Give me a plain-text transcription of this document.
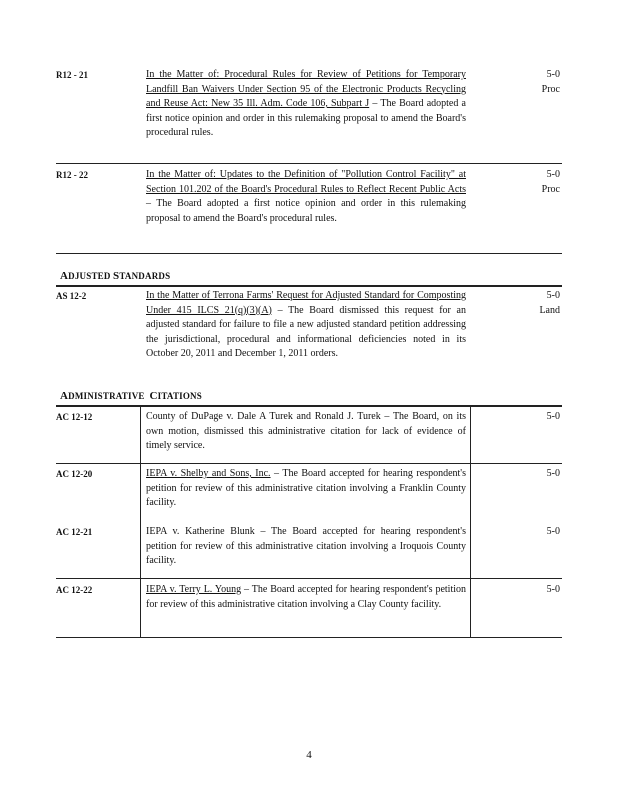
R12 - 21	In the Matter of: Procedural Rules for Review of Petitions for Temporary Landfill Ban Waivers Under Section 95 of the Electronic Products Recycling and Reuse Act: New 35 Ill. Adm. Code 106, Subpart J – The Board adopted a first notice opinion and order in this rulemaking proposal to amend the Board's procedural rules.
5-0
Proc
R12 - 22	In the Matter of: Updates to the Definition of "Pollution Control Facility" at Section 101.202 of the Board's Procedural Rules to Reflect Recent Public Acts – The Board adopted a first notice opinion and order in this rulemaking proposal to amend the Board's procedural rules.
5-0
Proc
ADJUSTED STANDARDS
AS 12-2	In the Matter of Terrona Farms' Request for Adjusted Standard for Composting Under 415 ILCS 21(q)(3)(A) – The Board dismissed this request for an adjusted standard for failure to file a new adjusted standard petition addressing the jurisdictional, procedural and informational deficiencies noted in its October 20, 2011 and December 1, 2011 orders.
5-0
Land
ADMINISTRATIVE CITATIONS
AC 12-12	County of DuPage v. Dale A Turek and Ronald J. Turek – The Board, on its own motion, dismissed this administrative citation for lack of evidence of timely service.
5-0
AC 12-20	IEPA v. Shelby and Sons, Inc. – The Board accepted for hearing respondent's petition for review of this administrative citation involving a Franklin County facility.
5-0
AC 12-21	IEPA v. Katherine Blunk – The Board accepted for hearing respondent's petition for review of this administrative citation involving a Iroquois County facility.
5-0
AC 12-22	IEPA v. Terry L. Young – The Board accepted for hearing respondent's petition for review of this administrative citation involving a Clay County facility.
5-0
4
